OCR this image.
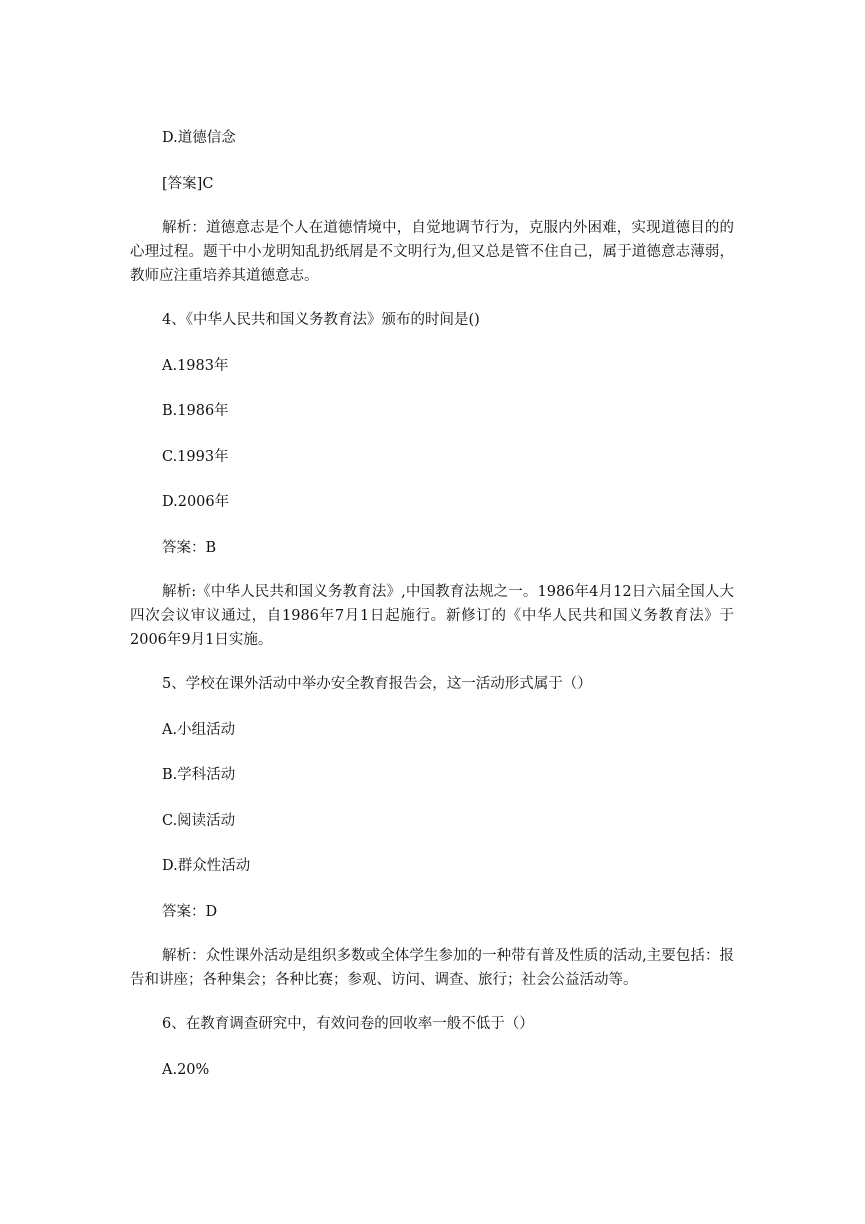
D.道德信念
[答案]C
解析：道德意志是个人在道德情境中，自觉地调节行为，克服内外困难，实现道德目的的心理过程。题干中小龙明知乱扔纸屑是不文明行为,但又总是管不住自己，属于道德意志薄弱，教师应注重培养其道德意志。
4、《中华人民共和国义务教育法》颁布的时间是()
A.1983年
B.1986年
C.1993年
D.2006年
答案：B
解析:《中华人民共和国义务教育法》,中国教育法规之一。1986年4月12日六届全国人大四次会议审议通过，自1986年7月1日起施行。新修订的《中华人民共和国义务教育法》于2006年9月1日实施。
5、学校在课外活动中举办安全教育报告会，这一活动形式属于（）
A.小组活动
B.学科活动
C.阅读活动
D.群众性活动
答案：D
解析：众性课外活动是组织多数或全体学生参加的一种带有普及性质的活动,主要包括：报告和讲座；各种集会；各种比赛；参观、访问、调查、旅行；社会公益活动等。
6、在教育调查研究中，有效问卷的回收率一般不低于（）
A.20%
